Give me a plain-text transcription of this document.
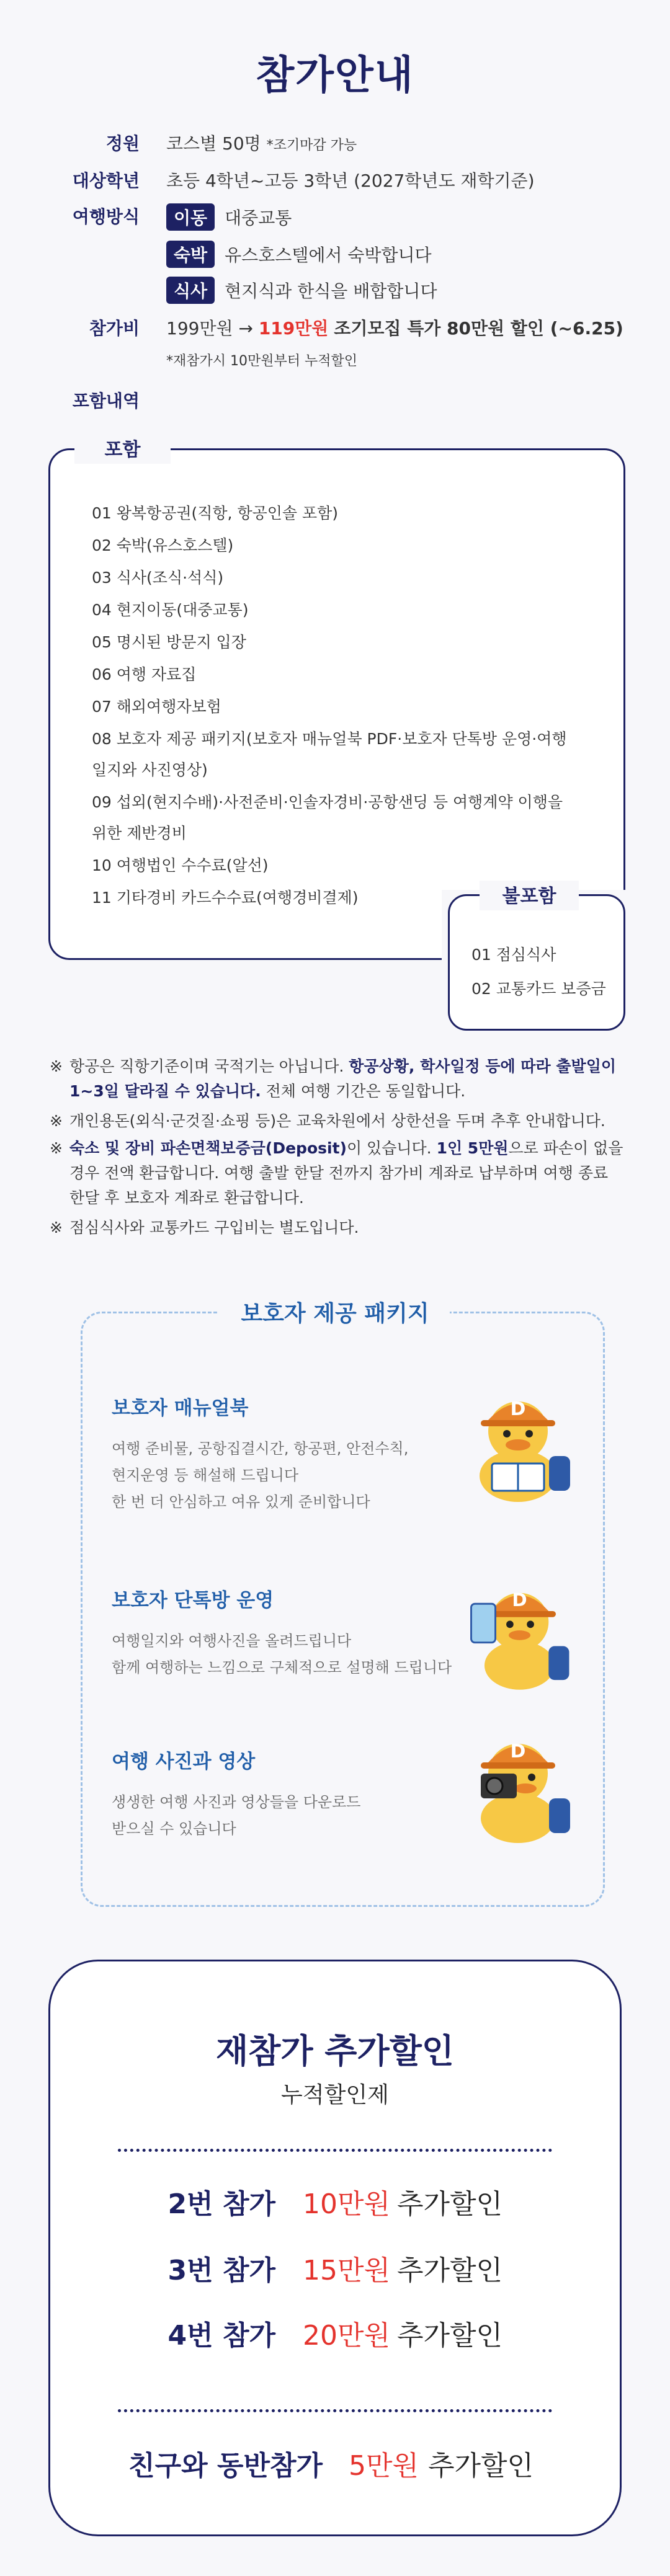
참가안내
정원 코스별 50명 *조기마감 가능
대상학년 초등 4학년~고등 3학년 (2027학년도 재학기준)
여행방식	이동 대중교통
숙박 유스호스텔에서 숙박합니다
식사 현지식과 한식을 배합합니다
참가비 199만원 → 119만원 조기모집 특가 80만원 할인 (~6.25)
*재참가시 10만원부터 누적할인
포함내역
포함
01 왕복항공권(직항, 항공인솔 포함)
02 숙박(유스호스텔)
03 식사(조식·석식)
04 현지이동(대중교통)
05 명시된 방문지 입장
06 여행 자료집
07 해외여행자보험
08 보호자 제공 패키지(보호자 매뉴얼북 PDF·보호자 단톡방 운영·여행
일지와 사진영상)
09 섭외(현지수배)·사전준비·인솔자경비·공항샌딩 등 여행계약 이행을
위한 제반경비
10 여행법인 수수료(알선)
11 기타경비 카드수수료(여행경비결제)	불포함
01 점심식사
02 교통카드 보증금
※ 항공은 직항기준이며 국적기는 아닙니다. 항공상황, 학사일정 등에 따라 출발일이 1~3일 달라질 수 있습니다. 전체 여행 기간은 동일합니다.
※ 개인용돈(외식·군것질·쇼핑 등)은 교육차원에서 상한선을 두며 추후 안내합니다.
※ 숙소 및 장비 파손면책보증금(Deposit)이 있습니다. 1인 5만원으로 파손이 없을 경우 전액 환급합니다. 여행 출발 한달 전까지 참가비 계좌로 납부하며 여행 종료 한달 후 보호자 계좌로 환급합니다.
※ 점심식사와 교통카드 구입비는 별도입니다.
보호자 제공 패키지
보호자 매뉴얼북
여행 준비물, 공항집결시간, 항공편, 안전수칙,
현지운영 등 해설해 드립니다
한 번 더 안심하고 여유 있게 준비합니다
보호자 단톡방 운영
여행일지와 여행사진을 올려드립니다
함께 여행하는 느낌으로 구체적으로 설명해 드립니다
여행 사진과 영상
생생한 여행 사진과 영상들을 다운로드
받으실 수 있습니다
D
D
D
재참가 추가할인
누적할인제
2번 참가 10만원 추가할인
3번 참가 15만원 추가할인
4번 참가 20만원 추가할인
친구와 동반참가 5만원 추가할인
